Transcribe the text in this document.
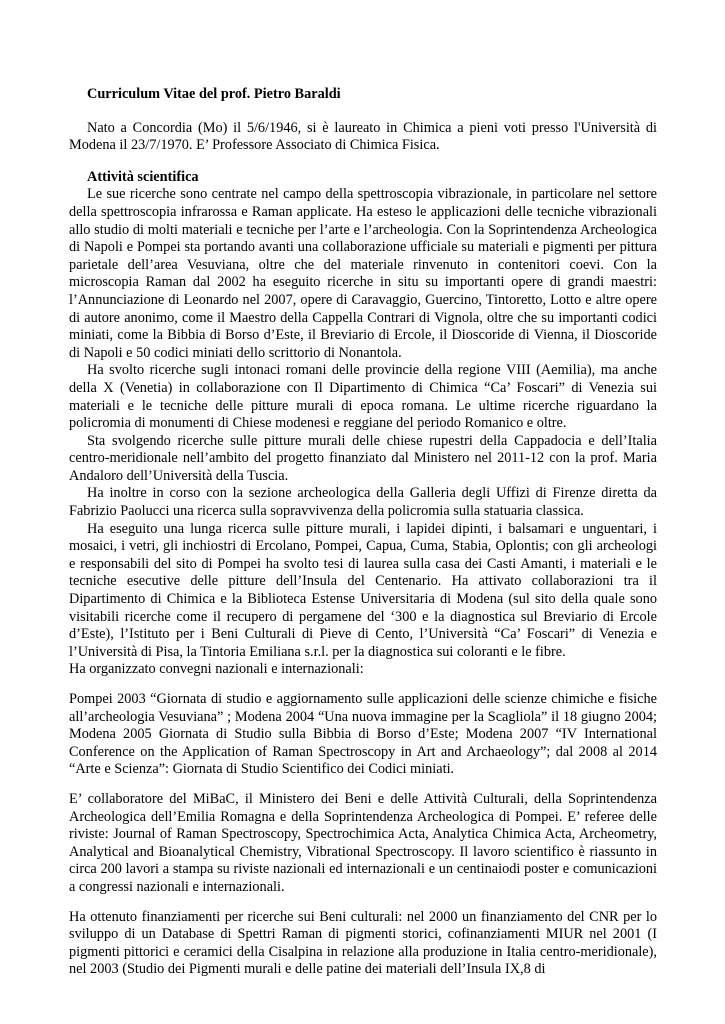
Curriculum Vitae del prof. Pietro Baraldi

Nato a Concordia (Mo) il 5/6/1946, si è laureato in Chimica a pieni voti presso l'Università di Modena il 23/7/1970. E’ Professore Associato di Chimica Fisica.

Attività scientifica

Le sue ricerche sono centrate nel campo della spettroscopia vibrazionale, in particolare nel settore della spettroscopia infrarossa e Raman applicate. Ha esteso le applicazioni delle tecniche vibrazionali allo studio di molti materiali e tecniche per l’arte e l’archeologia. Con la Soprintendenza Archeologica di Napoli e Pompei sta portando avanti una collaborazione ufficiale su materiali e pigmenti per pittura parietale dell’area Vesuviana, oltre che del materiale rinvenuto in contenitori coevi. Con la microscopia Raman dal 2002 ha eseguito ricerche in situ su importanti opere di grandi maestri: l’Annunciazione di Leonardo nel 2007, opere di Caravaggio, Guercino, Tintoretto, Lotto e altre opere di autore anonimo, come il Maestro della Cappella Contrari di Vignola, oltre che su importanti codici miniati, come la Bibbia di Borso d’Este, il Breviario di Ercole, il Dioscoride di Vienna, il Dioscoride di Napoli e 50 codici miniati dello scrittorio di Nonantola.

Ha svolto ricerche sugli intonaci romani delle provincie della regione VIII (Aemilia), ma anche della X (Venetia) in collaborazione con Il Dipartimento di Chimica “Ca’ Foscari” di Venezia sui materiali e le tecniche delle pitture murali di epoca romana. Le ultime ricerche riguardano la policromia di monumenti di Chiese modenesi e reggiane del periodo Romanico e oltre.

Sta svolgendo ricerche sulle pitture murali delle chiese rupestri della Cappadocia e dell’Italia centro-meridionale nell’ambito del progetto finanziato dal Ministero nel 2011-12 con la prof. Maria Andaloro dell’Università della Tuscia.

Ha inoltre in corso con la sezione archeologica della Galleria degli Uffizi di Firenze diretta da Fabrizio Paolucci una ricerca sulla sopravvivenza della policromia sulla statuaria classica.

Ha eseguito una lunga ricerca sulle pitture murali, i lapidei dipinti, i balsamari e unguentari, i mosaici, i vetri, gli inchiostri di Ercolano, Pompei, Capua, Cuma, Stabia, Oplontis; con gli archeologi e responsabili del sito di Pompei ha svolto tesi di laurea sulla casa dei Casti Amanti, i materiali e le tecniche esecutive delle pitture dell’Insula del Centenario. Ha attivato collaborazioni tra il Dipartimento di Chimica e la Biblioteca Estense Universitaria di Modena (sul sito della quale sono visitabili ricerche come il recupero di pergamene del ‘300 e la diagnostica sul Breviario di Ercole d’Este), l’Istituto per i Beni Culturali di Pieve di Cento, l’Università “Ca’ Foscari” di Venezia e l’Università di Pisa, la Tintoria Emiliana s.r.l. per la diagnostica sui coloranti e le fibre.

Ha organizzato convegni nazionali e internazionali:

Pompei 2003 “Giornata di studio e aggiornamento sulle applicazioni delle scienze chimiche e fisiche all’archeologia Vesuviana” ; Modena 2004 “Una nuova immagine per la Scagliola” il 18 giugno 2004; Modena 2005 Giornata di Studio sulla Bibbia di Borso d’Este; Modena 2007 “IV International Conference on the Application of Raman Spectroscopy in Art and Archaeology”; dal 2008 al 2014 “Arte e Scienza”: Giornata di Studio Scientifico dei Codici miniati.

E’ collaboratore del MiBaC, il Ministero dei Beni e delle Attività Culturali, della Soprintendenza Archeologica dell’Emilia Romagna e della Soprintendenza Archeologica di Pompei. E’ referee delle riviste: Journal of Raman Spectroscopy, Spectrochimica Acta, Analytica Chimica Acta, Archeometry, Analytical and Bioanalytical Chemistry, Vibrational Spectroscopy. Il lavoro scientifico è riassunto in circa 200 lavori a stampa su riviste nazionali ed internazionali e un centinaiodi poster e comunicazioni a congressi nazionali e internazionali.

Ha ottenuto finanziamenti per ricerche sui Beni culturali: nel 2000 un finanziamento del CNR per lo sviluppo di un Database di Spettri Raman di pigmenti storici, cofinanziamenti MIUR nel 2001 (I pigmenti pittorici e ceramici della Cisalpina in relazione alla produzione in Italia centro-meridionale), nel 2003 (Studio dei Pigmenti murali e delle patine dei materiali dell’Insula IX,8 di
